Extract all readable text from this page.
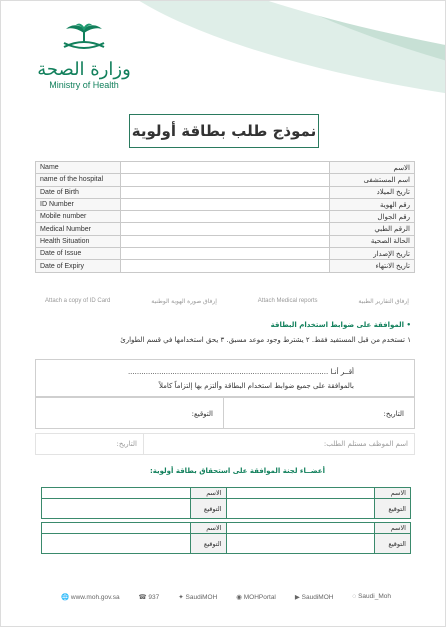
وزارة الصحة
Ministry of Health
نموذج طلب بطاقة أولوية
Name		الاسم
name of the hospital		اسم المستشفى
Date of Birth		تاريخ الميلاد
ID Number		رقم الهوية
Mobile number		رقم الجوال
Medical Number		الرقم الطبي
Health Situation		الحالة الصحية
Date of Issue		تاريخ الإصدار
Date of Expiry		تاريخ الانتهاء
Attach a copy of ID Card	إرفاق صورة الهوية الوطنية	Attach Medical reports	إرفاق التقارير الطبية
• الموافقة على ضوابط استخدام البطاقة
١ تستخدم من قبل المستفيد فقط. ٢ يشترط وجود موعد مسبق. ٣ يحق استخدامها في قسم الطوارئ
أقــر أنـا ..........................................................................................
بالموافقة على جميع ضوابط استخدام البطاقة وألتزم بها إلتزاماً كاملاً
التوقيع:	التاريخ:
التاريخ:	اسم الموظف مستلم الطلب:
أعضــاء لجنة الموافقة على استحقاق بطاقة أولوية:
	الاسم		الاسم
	التوقيع		التوقيع

	الاسم		الاسم
	التوقيع		التوقيع
🌐 www.moh.gov.sa	☎ 937	✦ SaudiMOH	◉ MOHPortal	▶ SaudiMOH	◌ Saudi_Moh
